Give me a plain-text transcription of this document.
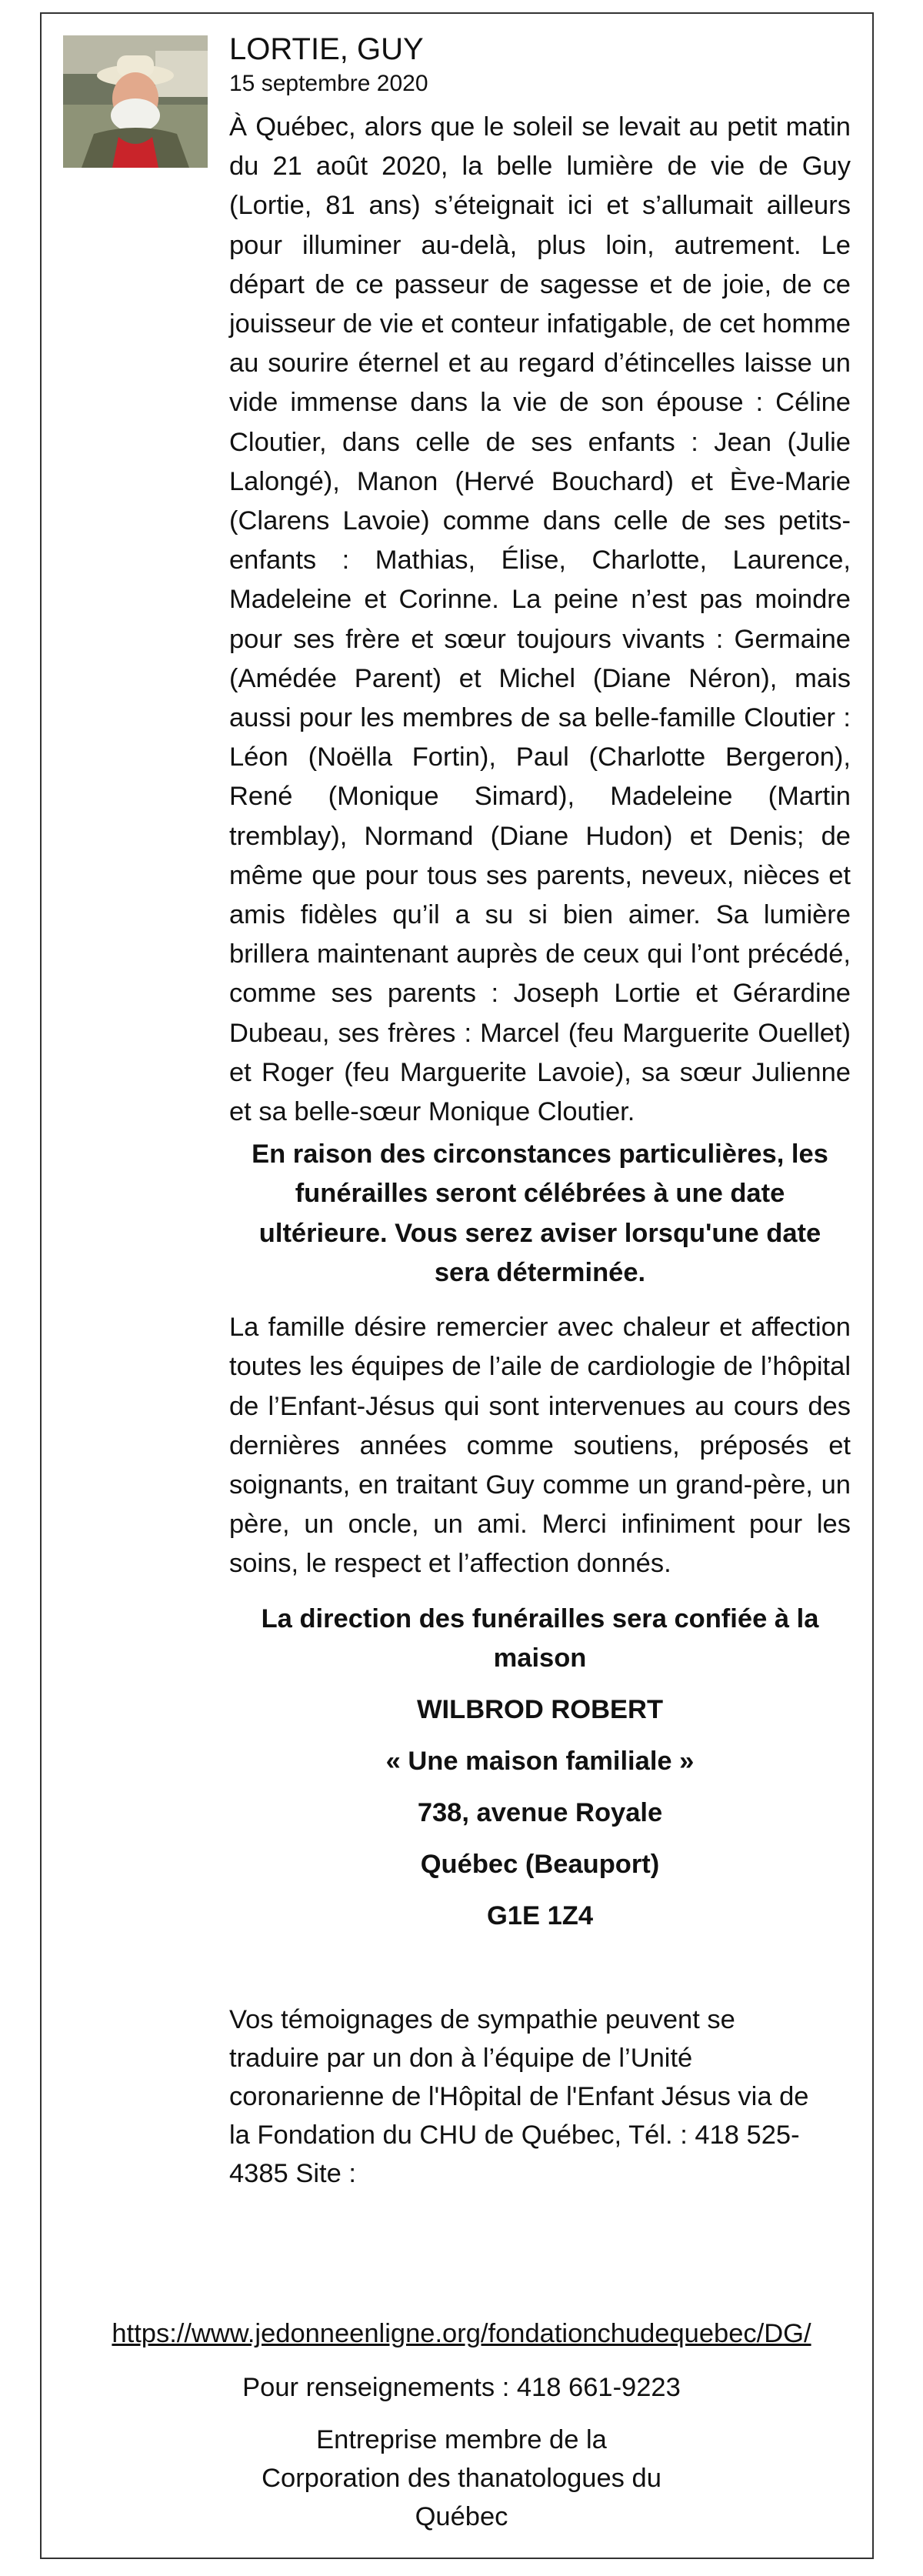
LORTIE, GUY
15 septembre 2020

À Québec, alors que le soleil se levait au petit matin du 21 août 2020, la belle lumière de vie de Guy (Lortie, 81 ans) s’éteignait ici et s’allumait ailleurs pour illuminer au-delà, plus loin, autrement. Le départ de ce passeur de sagesse et de joie, de ce jouisseur de vie et conteur infatigable, de cet homme au sourire éternel et au regard d’étincelles laisse un vide immense dans la vie de son épouse : Céline Cloutier, dans celle de ses enfants : Jean (Julie Lalongé), Manon (Hervé Bouchard) et Ève-Marie (Clarens Lavoie) comme dans celle de ses petits-enfants : Mathias, Élise, Charlotte, Laurence, Madeleine et Corinne. La peine n’est pas moindre pour ses frère et sœur toujours vivants : Germaine (Amédée Parent) et Michel (Diane Néron), mais aussi pour les membres de sa belle-famille Cloutier : Léon (Noëlla Fortin), Paul (Charlotte Bergeron), René (Monique Simard), Madeleine (Martin tremblay), Normand (Diane Hudon) et Denis; de même que pour tous ses parents, neveux, nièces et amis fidèles qu’il a su si bien aimer. Sa lumière brillera maintenant auprès de ceux qui l’ont précédé, comme ses parents : Joseph Lortie et Gérardine Dubeau, ses frères : Marcel (feu Marguerite Ouellet) et Roger (feu Marguerite Lavoie), sa sœur Julienne et sa belle-sœur Monique Cloutier.

En raison des circonstances particulières, les funérailles seront célébrées à une date ultérieure. Vous serez aviser lorsqu'une date sera déterminée.

La famille désire remercier avec chaleur et affection toutes les équipes de l’aile de cardiologie de l’hôpital de l’Enfant-Jésus qui sont intervenues au cours des dernières années comme soutiens, préposés et soignants, en traitant Guy comme un grand-père, un père, un oncle, un ami. Merci infiniment pour les soins, le respect et l’affection donnés.

La direction des funérailles sera confiée à la maison

WILBROD ROBERT

« Une maison familiale »

738, avenue Royale

Québec (Beauport)

G1E 1Z4

Vos témoignages de sympathie peuvent se traduire par un don à l’équipe de l’Unité coronarienne de l'Hôpital de l'Enfant Jésus via de la Fondation du CHU de Québec, Tél. : 418 525-4385 Site :

https://www.jedonneenligne.org/fondationchudequebec/DG/
Pour renseignements : 418 661-9223
Entreprise membre de la Corporation des thanatologues du Québec
